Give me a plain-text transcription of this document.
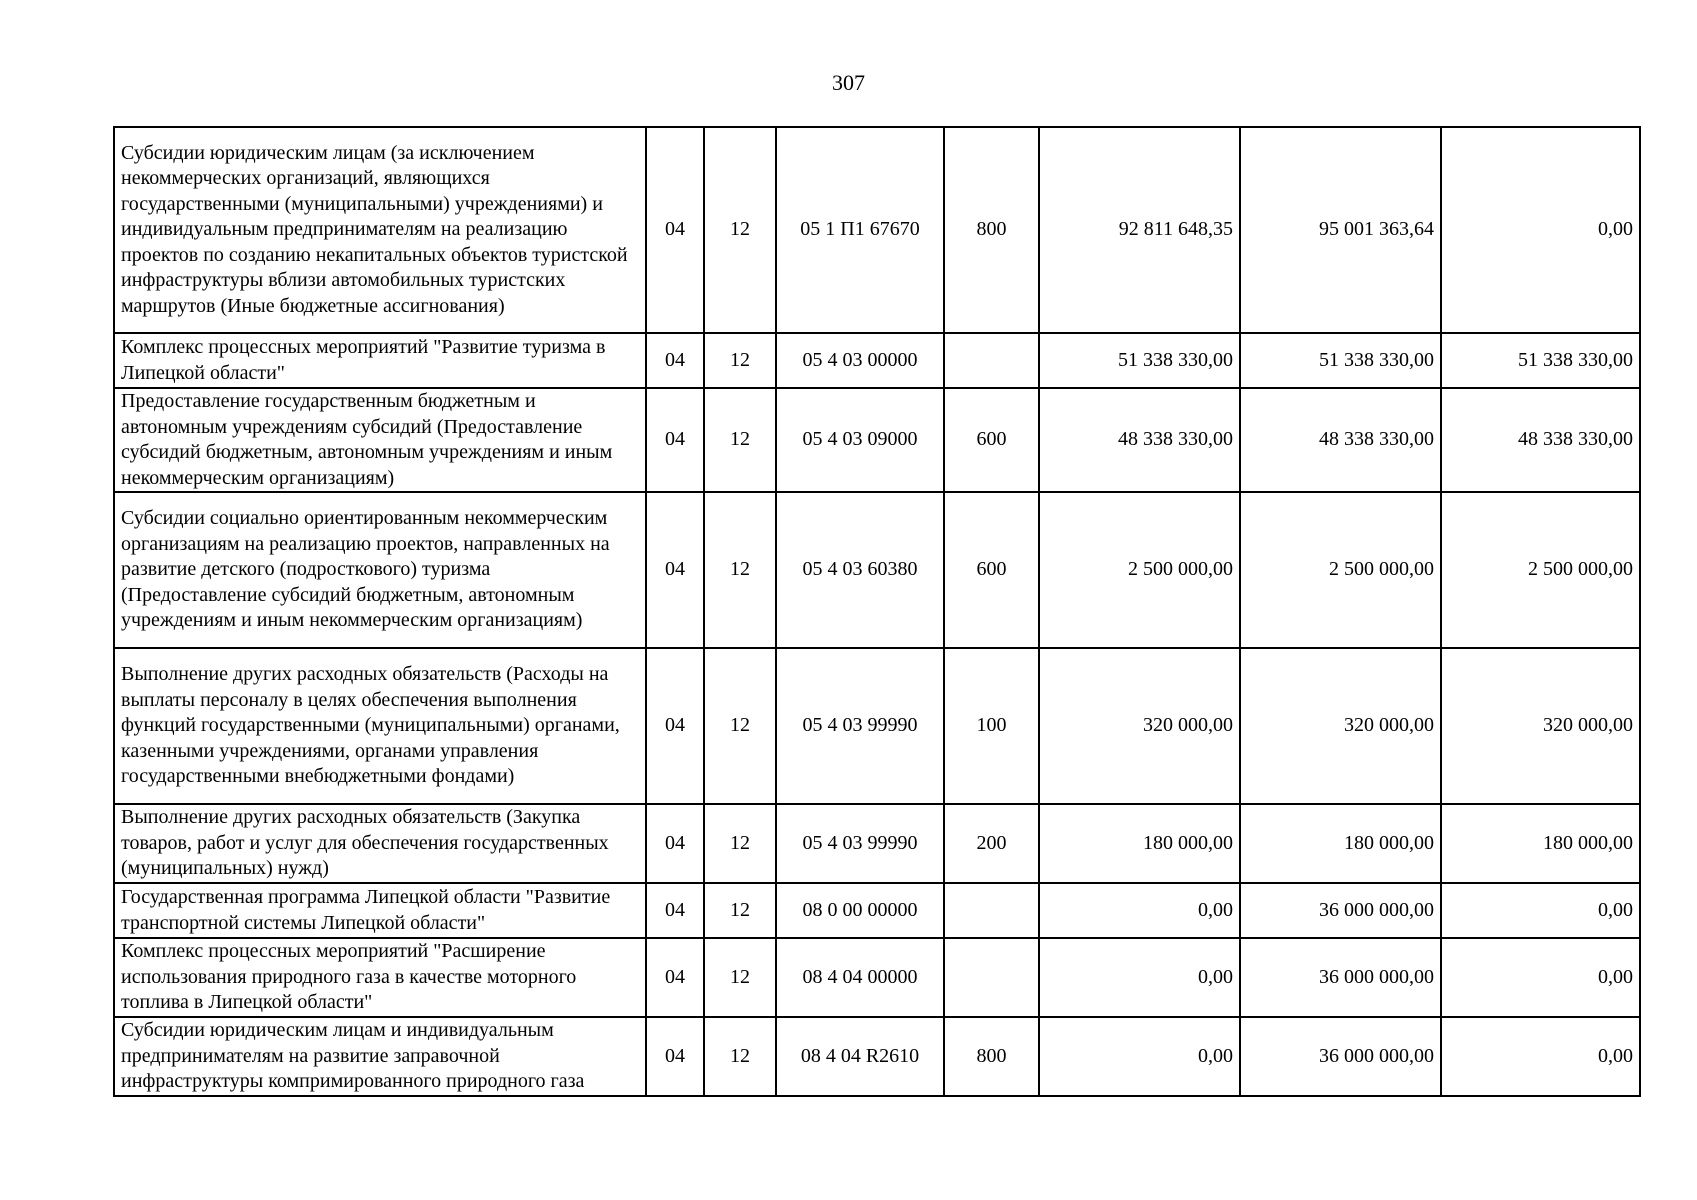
307
Субсидии юридическим лицам (за исключением некоммерческих организаций, являющихся государственными (муниципальными) учреждениями) и индивидуальным предпринимателям на реализацию проектов по созданию некапитальных объектов туристской инфраструктуры вблизи автомобильных туристских маршрутов (Иные бюджетные ассигнования)	04	12	05 1 П1 67670	800	92 811 648,35	95 001 363,64	0,00
Комплекс процессных мероприятий "Развитие туризма в Липецкой области"	04	12	05 4 03 00000		51 338 330,00	51 338 330,00	51 338 330,00
Предоставление государственным бюджетным и автономным учреждениям субсидий (Предоставление субсидий бюджетным, автономным учреждениям и иным некоммерческим организациям)	04	12	05 4 03 09000	600	48 338 330,00	48 338 330,00	48 338 330,00
Субсидии социально ориентированным некоммерческим организациям на реализацию проектов, направленных на развитие детского (подросткового) туризма (Предоставление субсидий бюджетным, автономным учреждениям и иным некоммерческим организациям)	04	12	05 4 03 60380	600	2 500 000,00	2 500 000,00	2 500 000,00
Выполнение других расходных обязательств (Расходы на выплаты персоналу в целях обеспечения выполнения функций государственными (муниципальными) органами, казенными учреждениями, органами управления государственными внебюджетными фондами)	04	12	05 4 03 99990	100	320 000,00	320 000,00	320 000,00
Выполнение других расходных обязательств (Закупка товаров, работ и услуг для обеспечения государственных (муниципальных) нужд)	04	12	05 4 03 99990	200	180 000,00	180 000,00	180 000,00
Государственная программа Липецкой области "Развитие транспортной системы Липецкой области"	04	12	08 0 00 00000		0,00	36 000 000,00	0,00
Комплекс процессных мероприятий "Расширение использования природного газа в качестве моторного топлива в Липецкой области"	04	12	08 4 04 00000		0,00	36 000 000,00	0,00
Субсидии юридическим лицам и индивидуальным предпринимателям на развитие заправочной инфраструктуры компримированного природного газа	04	12	08 4 04 R2610	800	0,00	36 000 000,00	0,00
